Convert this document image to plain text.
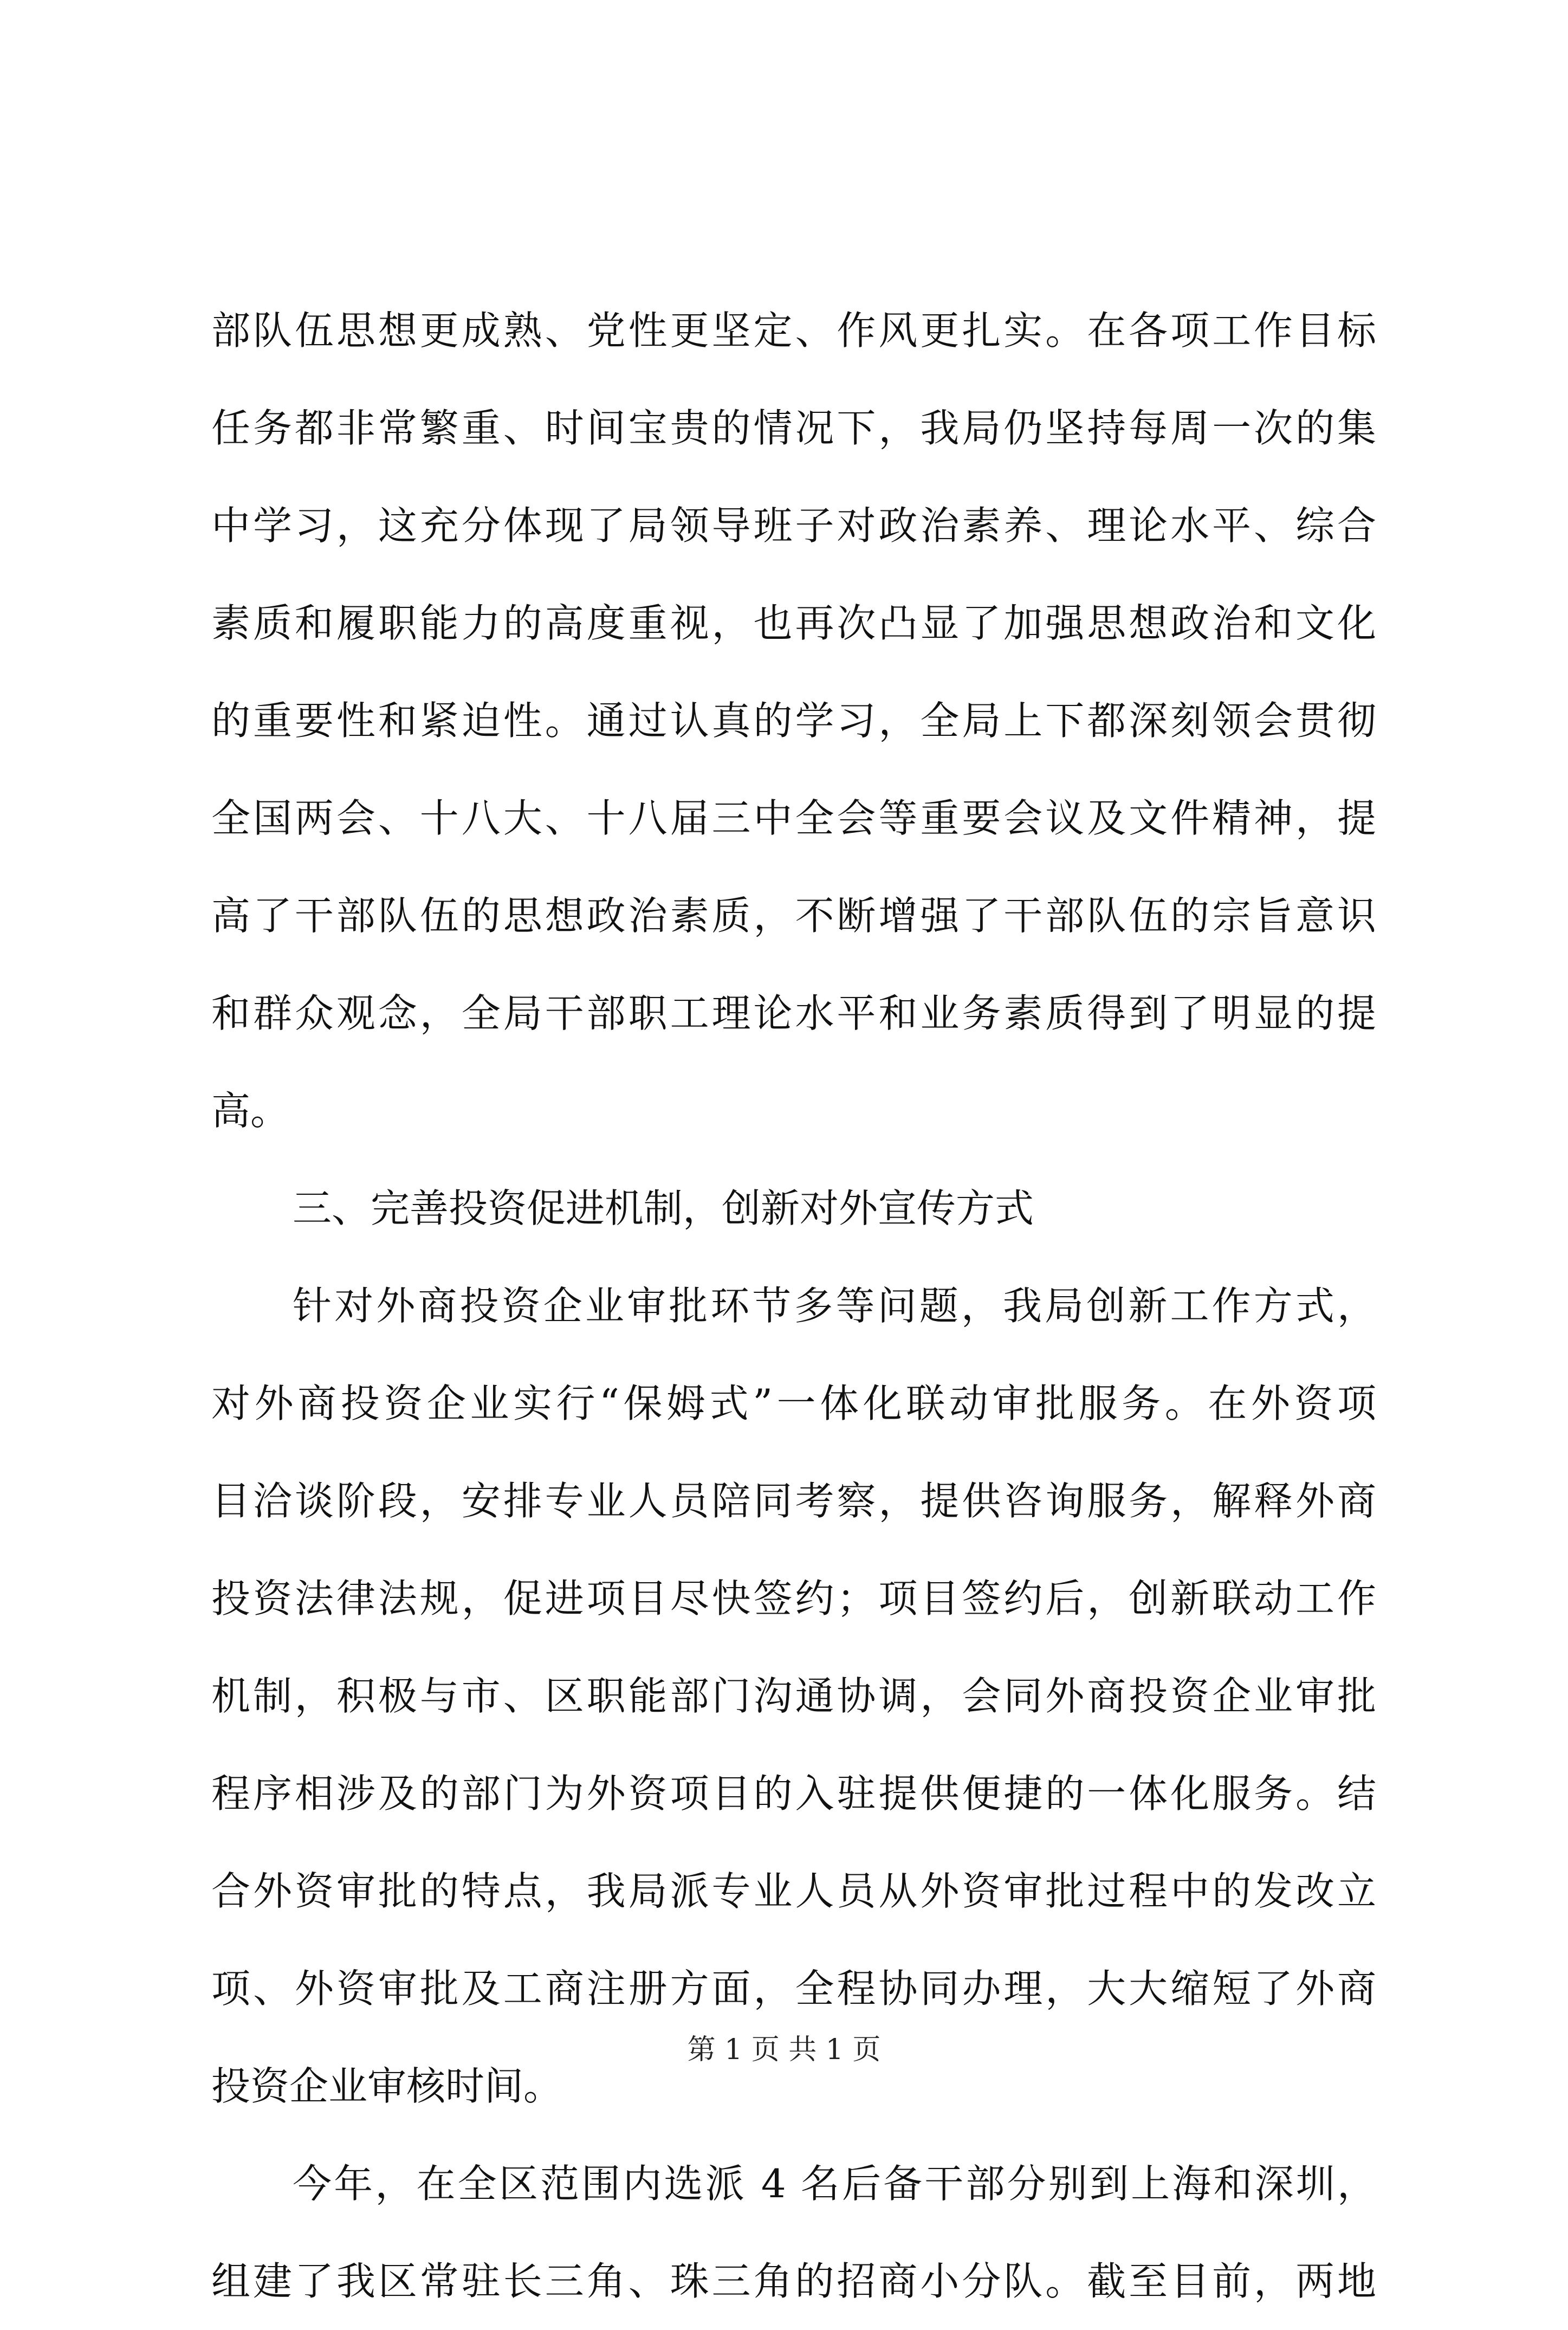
部队伍思想更成熟、党性更坚定、作风更扎实。在各项工作目标
任务都非常繁重、时间宝贵的情况下，我局仍坚持每周一次的集
中学习，这充分体现了局领导班子对政治素养、理论水平、综合
素质和履职能力的高度重视，也再次凸显了加强思想政治和文化
的重要性和紧迫性。通过认真的学习，全局上下都深刻领会贯彻
全国两会、十八大、十八届三中全会等重要会议及文件精神，提
高了干部队伍的思想政治素质，不断增强了干部队伍的宗旨意识
和群众观念，全局干部职工理论水平和业务素质得到了明显的提
高。
三、完善投资促进机制，创新对外宣传方式
针对外商投资企业审批环节多等问题，我局创新工作方式，
对外商投资企业实行“保姆式”一体化联动审批服务。在外资项
目洽谈阶段，安排专业人员陪同考察，提供咨询服务，解释外商
投资法律法规，促进项目尽快签约；项目签约后，创新联动工作
机制，积极与市、区职能部门沟通协调，会同外商投资企业审批
程序相涉及的部门为外资项目的入驻提供便捷的一体化服务。结
合外资审批的特点，我局派专业人员从外资审批过程中的发改立
项、外资审批及工商注册方面，全程协同办理，大大缩短了外商
投资企业审核时间。
今年，在全区范围内选派 4 名后备干部分别到上海和深圳，
组建了我区常驻长三角、珠三角的招商小分队。截至目前，两地
第 1 页 共 1 页
